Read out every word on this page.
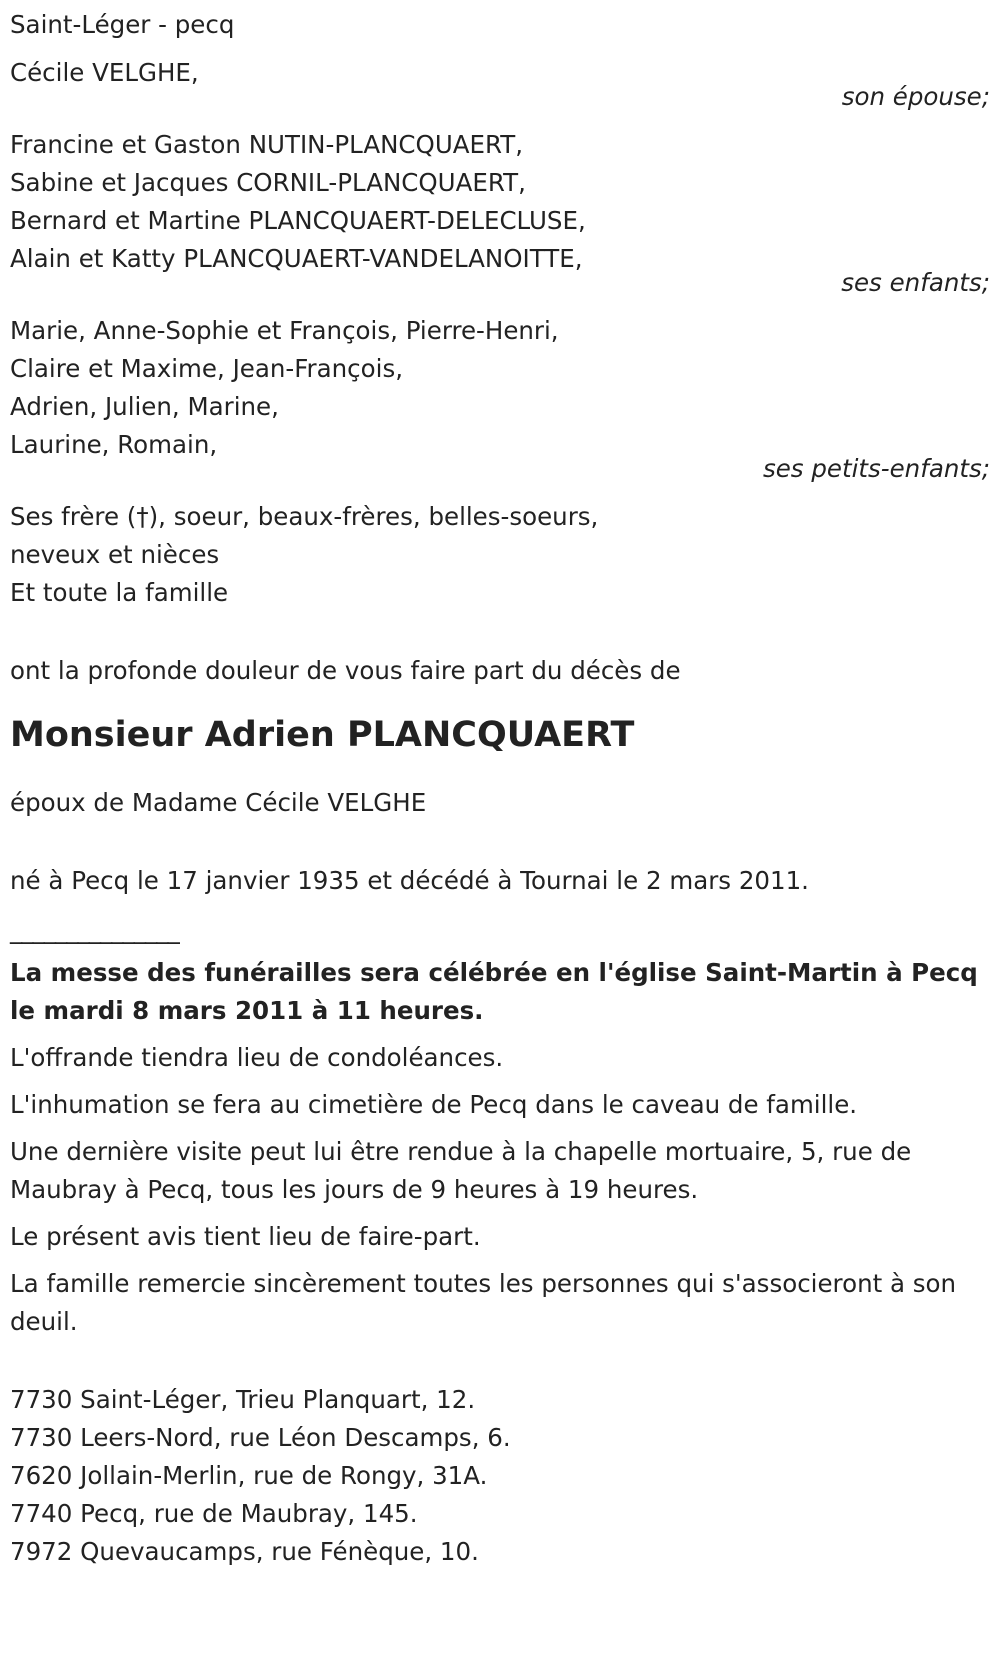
Saint-Léger - pecq
Cécile VELGHE,
son épouse;
Francine et Gaston NUTIN-PLANCQUAERT,
Sabine et Jacques CORNIL-PLANCQUAERT,
Bernard et Martine PLANCQUAERT-DELECLUSE,
Alain et Katty PLANCQUAERT-VANDELANOITTE,
ses enfants;
Marie, Anne-Sophie et François, Pierre-Henri,
Claire et Maxime, Jean-François,
Adrien, Julien, Marine,
Laurine, Romain,
ses petits-enfants;
Ses frère (†), soeur, beaux-frères, belles-soeurs,
neveux et nièces
Et toute la famille
ont la profonde douleur de vous faire part du décès de
Monsieur Adrien PLANCQUAERT
époux de Madame Cécile VELGHE
né à Pecq le 17 janvier 1935 et décédé à Tournai le 2 mars 2011.
_______________
La messe des funérailles sera célébrée en l'église Saint-Martin à Pecq le mardi 8 mars 2011 à 11 heures.
L'offrande tiendra lieu de condoléances.
L'inhumation se fera au cimetière de Pecq dans le caveau de famille.
Une dernière visite peut lui être rendue à la chapelle mortuaire, 5, rue de Maubray à Pecq, tous les jours de 9 heures à 19 heures.
Le présent avis tient lieu de faire-part.
La famille remercie sincèrement toutes les personnes qui s'associeront à son deuil.
7730 Saint-Léger, Trieu Planquart, 12.
7730 Leers-Nord, rue Léon Descamps, 6.
7620 Jollain-Merlin, rue de Rongy, 31A.
7740 Pecq, rue de Maubray, 145.
7972 Quevaucamps, rue Fénèque, 10.
